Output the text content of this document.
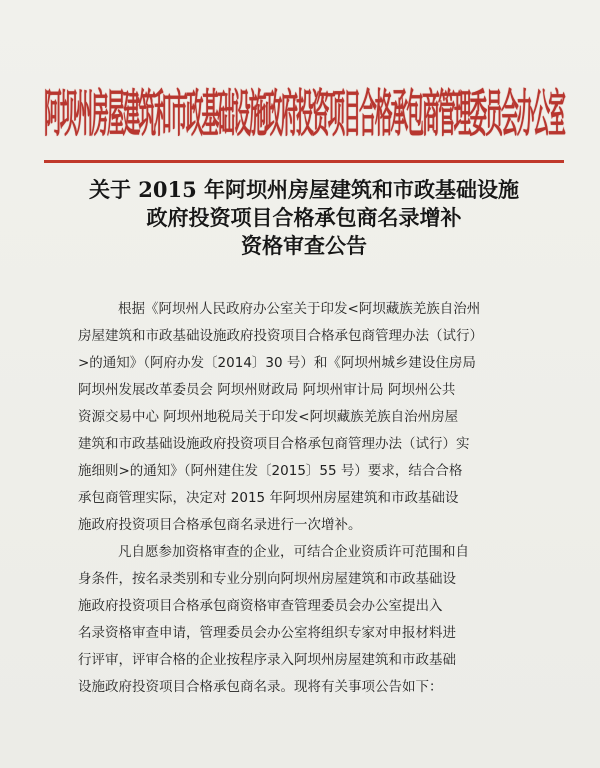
阿坝州房屋建筑和市政基础设施政府投资项目合格承包商管理委员会办公室
关于 2015 年阿坝州房屋建筑和市政基础设施
政府投资项目合格承包商名录增补
资格审查公告
根据《阿坝州人民政府办公室关于印发<阿坝藏族羌族自治州
房屋建筑和市政基础设施政府投资项目合格承包商管理办法（试行）
>的通知》（阿府办发〔2014〕30 号）和《阿坝州城乡建设住房局
阿坝州发展改革委员会 阿坝州财政局 阿坝州审计局 阿坝州公共
资源交易中心 阿坝州地税局关于印发<阿坝藏族羌族自治州房屋
建筑和市政基础设施政府投资项目合格承包商管理办法（试行）实
施细则>的通知》（阿州建住发〔2015〕55 号）要求，结合合格
承包商管理实际，决定对 2015 年阿坝州房屋建筑和市政基础设
施政府投资项目合格承包商名录进行一次增补。
凡自愿参加资格审查的企业，可结合企业资质许可范围和自
身条件，按名录类别和专业分别向阿坝州房屋建筑和市政基础设
施政府投资项目合格承包商资格审查管理委员会办公室提出入
名录资格审查申请，管理委员会办公室将组织专家对申报材料进
行评审，评审合格的企业按程序录入阿坝州房屋建筑和市政基础
设施政府投资项目合格承包商名录。现将有关事项公告如下：
